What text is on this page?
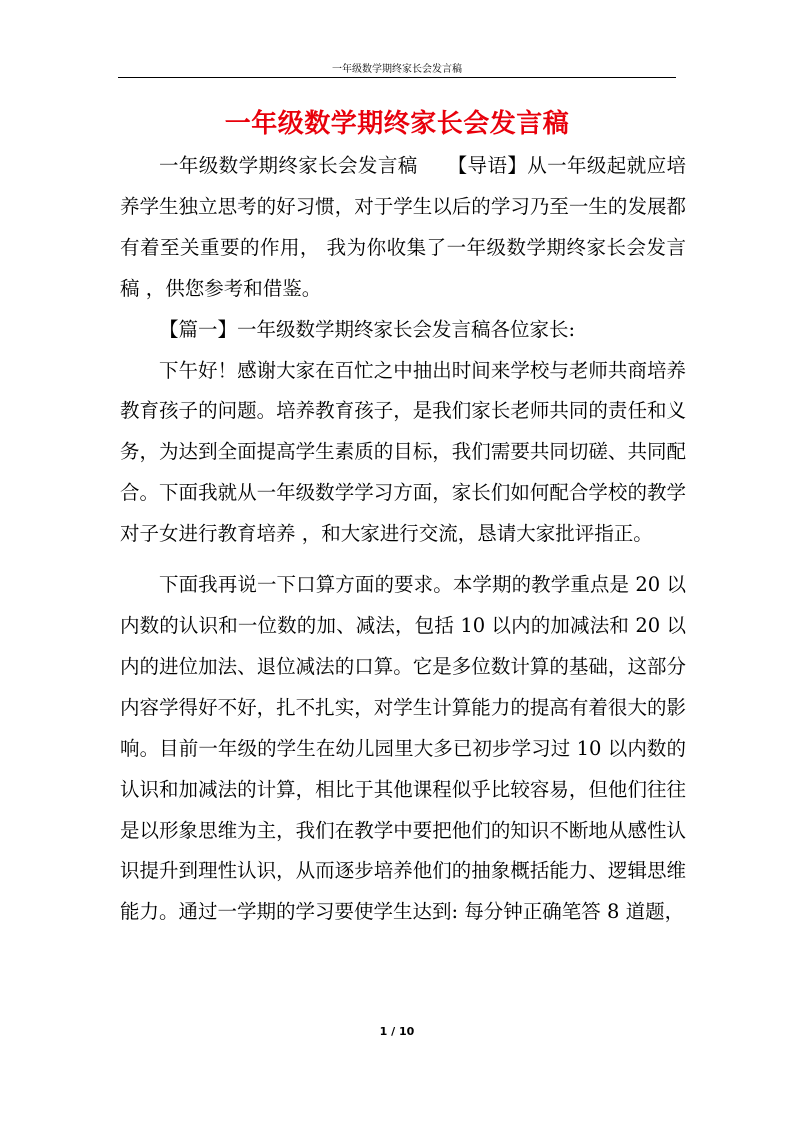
一年级数学期终家长会发言稿
一年级数学期终家长会发言稿

一年级数学期终家长会发言稿　　【导语】从一年级起就应培养学生独立思考的好习惯，对于学生以后的学习乃至一生的发展都有着至关重要的作用， 我为你收集了一年级数学期终家长会发言稿 ，供您参考和借鉴。

【篇一】一年级数学期终家长会发言稿各位家长:

下午好！感谢大家在百忙之中抽出时间来学校与老师共商培养教育孩子的问题。培养教育孩子，是我们家长老师共同的责任和义务，为达到全面提高学生素质的目标，我们需要共同切磋、共同配合。下面我就从一年级数学学习方面，家长们如何配合学校的教学对子女进行教育培养 ，和大家进行交流，恳请大家批评指正。

下面我再说一下口算方面的要求。本学期的教学重点是 20 以内数的认识和一位数的加、减法，包括 10 以内的加减法和 20 以内的进位加法、退位减法的口算。它是多位数计算的基础，这部分内容学得好不好，扎不扎实，对学生计算能力的提高有着很大的影响。目前一年级的学生在幼儿园里大多已初步学习过 10 以内数的认识和加减法的计算，相比于其他课程似乎比较容易，但他们往往是以形象思维为主，我们在教学中要把他们的知识不断地从感性认识提升到理性认识，从而逐步培养他们的抽象概括能力、逻辑思维能力。通过一学期的学习要使学生达到: 每分钟正确笔答 8 道题，

1 / 10
